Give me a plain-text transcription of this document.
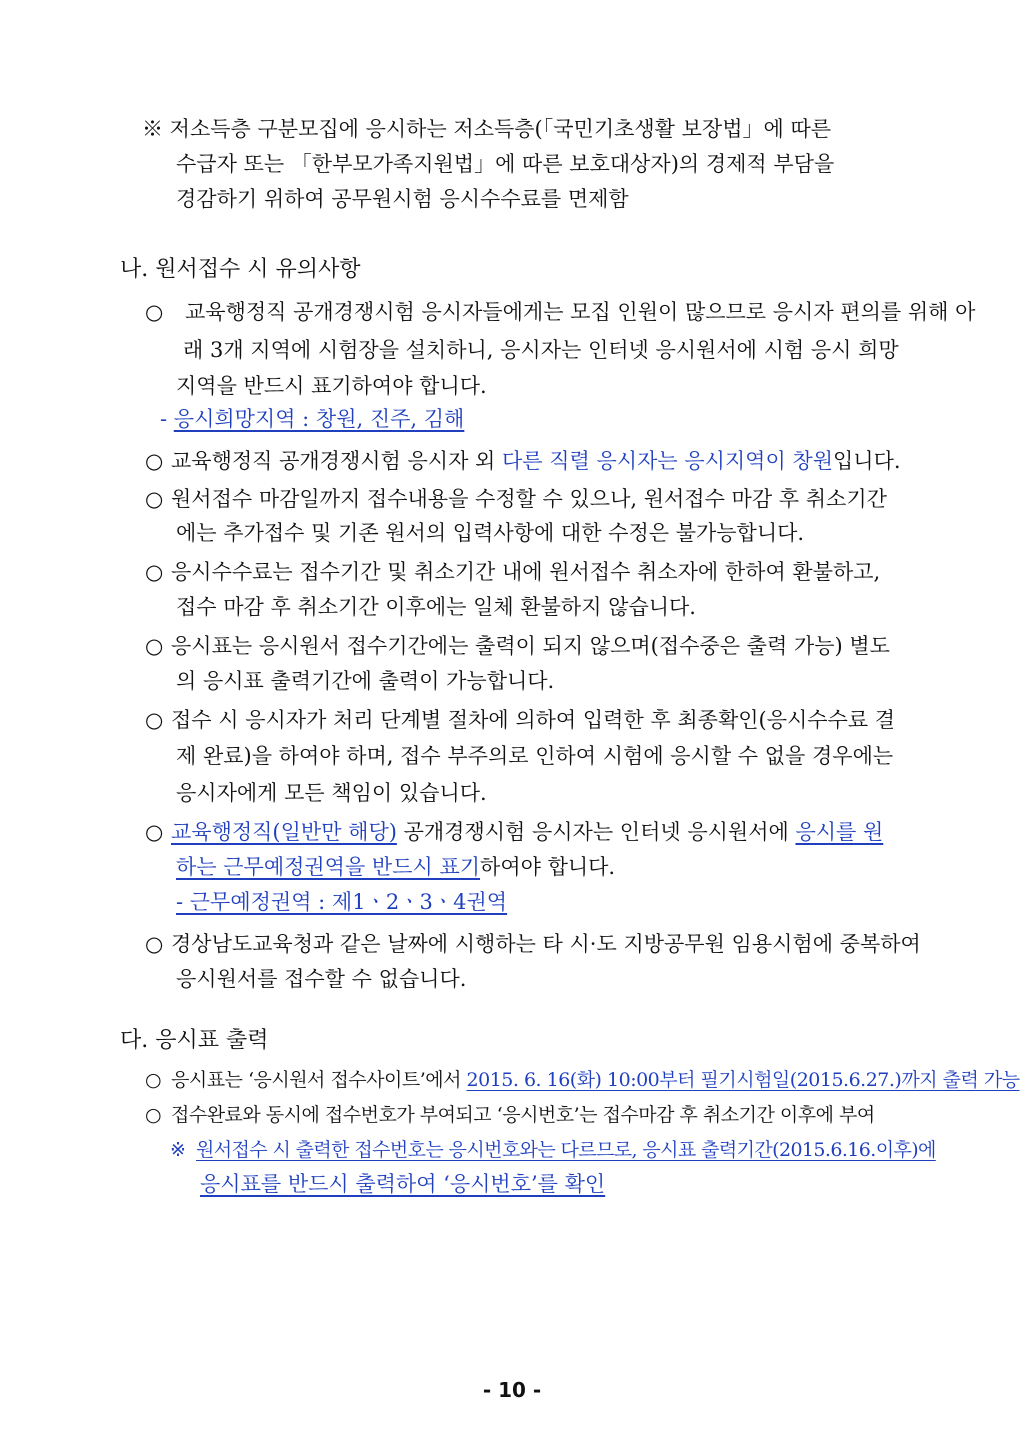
※ 저소득층 구분모집에 응시하는 저소득층(「국민기초생활 보장법」에 따른
수급자 또는 「한부모가족지원법」에 따른 보호대상자)의 경제적 부담을
경감하기 위하여 공무원시험 응시수수료를 면제함
나. 원서접수 시 유의사항
○ 교육행정직 공개경쟁시험 응시자들에게는 모집 인원이 많으므로 응시자 편의를 위해 아
래 3개 지역에 시험장을 설치하니, 응시자는 인터넷 응시원서에 시험 응시 희망
지역을 반드시 표기하여야 합니다.
- 응시희망지역 : 창원, 진주, 김해
○ 교육행정직 공개경쟁시험 응시자 외 다른 직렬 응시자는 응시지역이 창원입니다.
○ 원서접수 마감일까지 접수내용을 수정할 수 있으나, 원서접수 마감 후 취소기간
에는 추가접수 및 기존 원서의 입력사항에 대한 수정은 불가능합니다.
○ 응시수수료는 접수기간 및 취소기간 내에 원서접수 취소자에 한하여 환불하고,
접수 마감 후 취소기간 이후에는 일체 환불하지 않습니다.
○ 응시표는 응시원서 접수기간에는 출력이 되지 않으며(접수중은 출력 가능) 별도
의 응시표 출력기간에 출력이 가능합니다.
○ 접수 시 응시자가 처리 단계별 절차에 의하여 입력한 후 최종확인(응시수수료 결
제 완료)을 하여야 하며, 접수 부주의로 인하여 시험에 응시할 수 없을 경우에는
응시자에게 모든 책임이 있습니다.
○ 교육행정직(일반만 해당) 공개경쟁시험 응시자는 인터넷 응시원서에 응시를 원
하는 근무예정권역을 반드시 표기하여야 합니다.
- 근무예정권역 : 제1ㆍ2ㆍ3ㆍ4권역
○ 경상남도교육청과 같은 날짜에 시행하는 타 시·도 지방공무원 임용시험에 중복하여
응시원서를 접수할 수 없습니다.
다. 응시표 출력
○ 응시표는 ‘응시원서 접수사이트’에서 2015. 6. 16(화) 10:00부터 필기시험일(2015.6.27.)까지 출력 가능
○ 접수완료와 동시에 접수번호가 부여되고 ‘응시번호’는 접수마감 후 취소기간 이후에 부여
※ 원서접수 시 출력한 접수번호는 응시번호와는 다르므로, 응시표 출력기간(2015.6.16.이후)에
응시표를 반드시 출력하여 ‘응시번호’를 확인
- 10 -
